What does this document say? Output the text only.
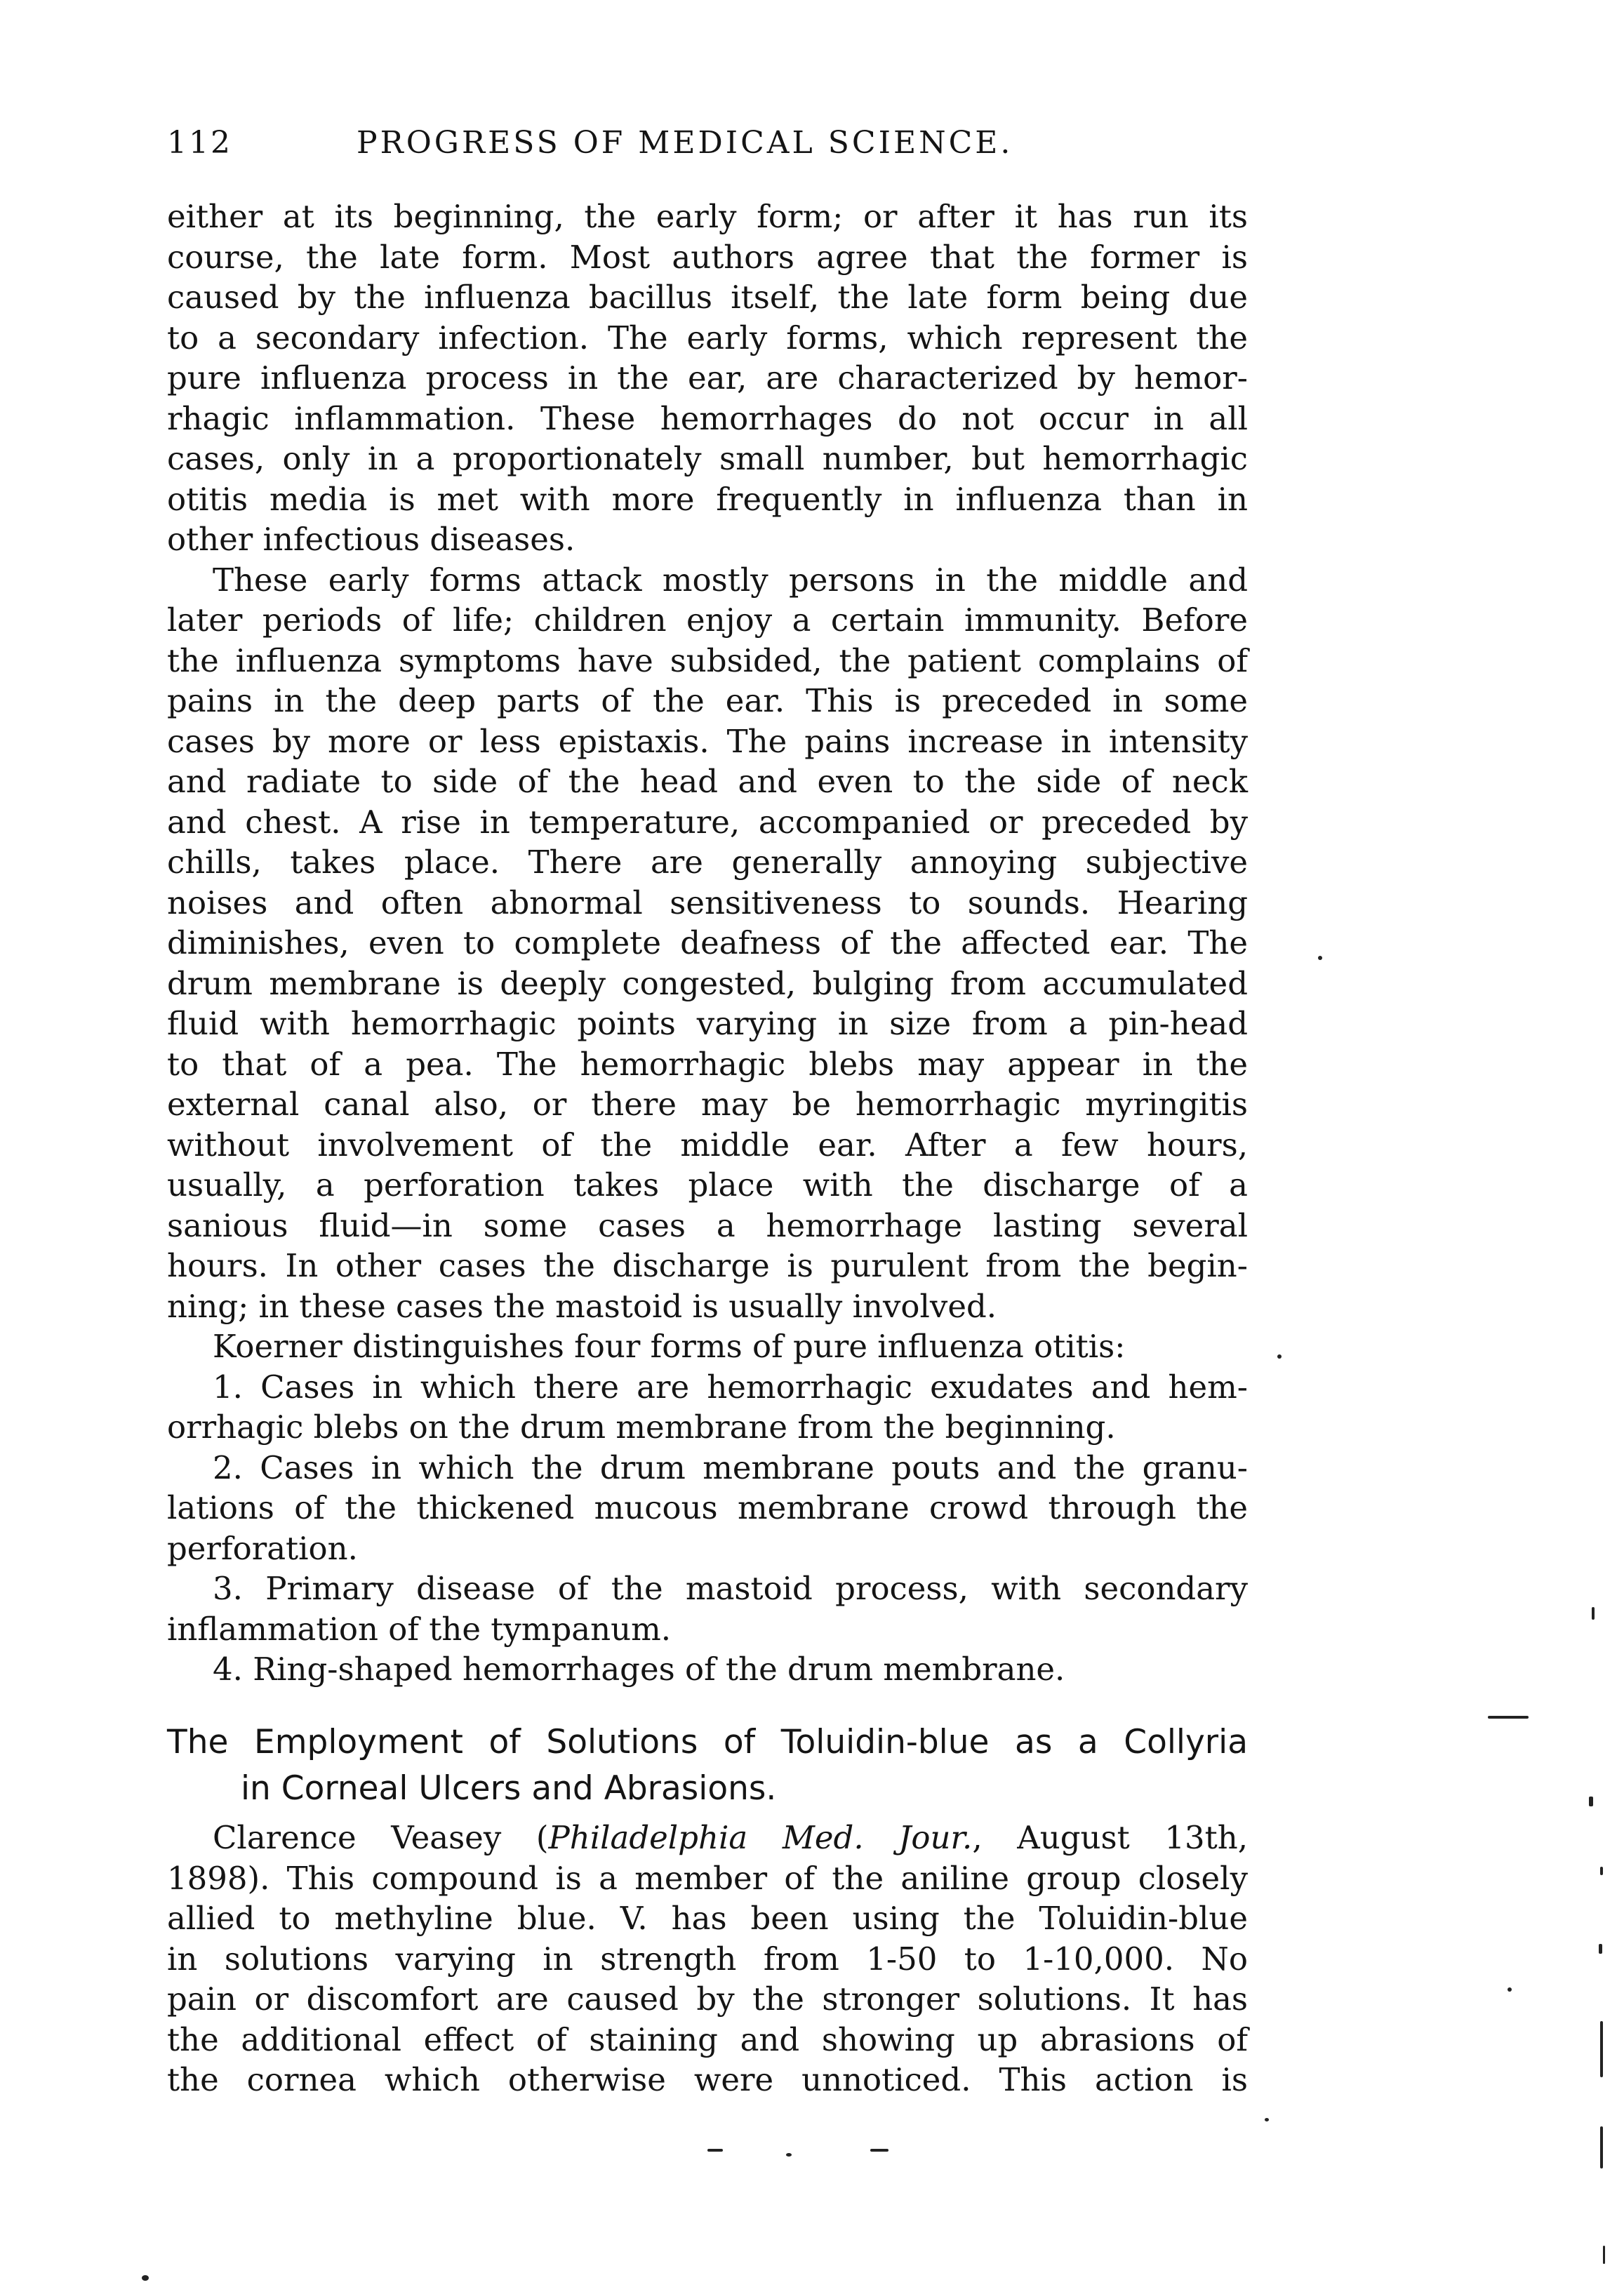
112	PROGRESS OF MEDICAL SCIENCE.
either at its beginning, the early form; or after it has run its
course, the late form. Most authors agree that the former is
caused by the influenza bacillus itself, the late form being due
to a secondary infection. The early forms, which represent the
pure influenza process in the ear, are characterized by hemor-
rhagic inflammation. These hemorrhages do not occur in all
cases, only in a proportionately small number, but hemorrhagic
otitis media is met with more frequently in influenza than in
other infectious diseases.
These early forms attack mostly persons in the middle and
later periods of life; children enjoy a certain immunity. Before
the influenza symptoms have subsided, the patient complains of
pains in the deep parts of the ear. This is preceded in some
cases by more or less epistaxis. The pains increase in intensity
and radiate to side of the head and even to the side of neck
and chest. A rise in temperature, accompanied or preceded by
chills, takes place. There are generally annoying subjective
noises and often abnormal sensitiveness to sounds. Hearing
diminishes, even to complete deafness of the affected ear. The
drum membrane is deeply congested, bulging from accumulated
fluid with hemorrhagic points varying in size from a pin-head
to that of a pea. The hemorrhagic blebs may appear in the
external canal also, or there may be hemorrhagic myringitis
without involvement of the middle ear. After a few hours,
usually, a perforation takes place with the discharge of a
sanious fluid—in some cases a hemorrhage lasting several
hours. In other cases the discharge is purulent from the begin-
ning; in these cases the mastoid is usually involved.
Koerner distinguishes four forms of pure influenza otitis:
1. Cases in which there are hemorrhagic exudates and hem-
orrhagic blebs on the drum membrane from the beginning.
2. Cases in which the drum membrane pouts and the granu-
lations of the thickened mucous membrane crowd through the
perforation.
3. Primary disease of the mastoid process, with secondary
inflammation of the tympanum.
4. Ring-shaped hemorrhages of the drum membrane.
The Employment of Solutions of Toluidin-blue as a Collyria
in Corneal Ulcers and Abrasions.
Clarence Veasey (Philadelphia Med. Jour., August 13th,
1898). This compound is a member of the aniline group closely
allied to methyline blue. V. has been using the Toluidin-blue
in solutions varying in strength from 1-50 to 1-10,000. No
pain or discomfort are caused by the stronger solutions. It has
the additional effect of staining and showing up abrasions of
the cornea which otherwise were unnoticed. This action is
